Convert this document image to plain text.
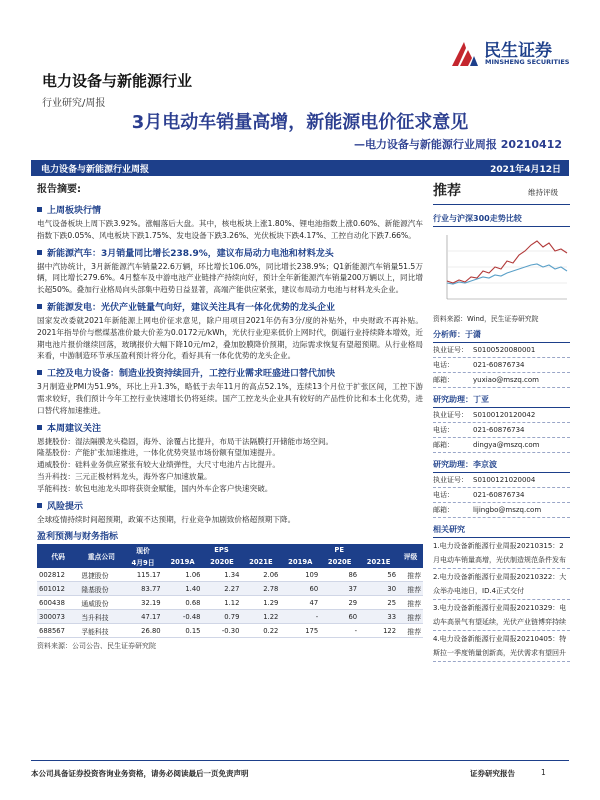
电力设备与新能源行业
行业研究/周报
民生证券
MINSHENG SECURITIES
3月电动车销量高增，新能源电价征求意见
—电力设备与新能源行业周报 20210412
电力设备与新能源行业周报	2021年4月12日
报告摘要:
上周板块行情
电气设备板块上周下跌3.92%。涨幅落后大盘。其中，核电板块上涨1.80%、锂电池指数上涨0.60%、新能源汽车指数下跌0.05%、风电板块下跌1.75%、发电设备下跌3.26%、光伏板块下跌4.17%、工控自动化下跌7.66%。
新能源汽车：3月销量同比增长238.9%，建议布局动力电池和材料龙头
据中汽协统计，3月新能源汽车销量22.6万辆，环比增长106.0%，同比增长238.9%；Q1新能源汽车销量51.5万辆，同比增长279.6%。4月整车及中游电池产业链排产持续向好，预计全年新能源汽车销量200万辆以上，同比增长超50%。叠加行业格局向头部集中趋势日益显著，高端产能供应紧张，建议布局动力电池与材料龙头企业。
新能源发电：光伏产业链量气向好，建议关注具有一体化优势的龙头企业
国家发改委就2021年新能源上网电价征求意见，除户用项目2021年仍有3分/度的补贴外，中央财政不再补贴。2021年指导价与燃煤基准价最大价差为0.0172元/kWh，光伏行业迎来低价上网时代，倒逼行业持续降本增效，近期电池片报价继续回落，玻璃报价大幅下降10元/m2，叠加胶膜降价预期，边际需求恢复有望超预期。从行业格局来看，中游制造环节承压盈利预计将分化，看好具有一体化优势的龙头企业。
工控及电力设备：制造业投资持续回升，工控行业需求旺盛进口替代加快
3月制造业PMI为51.9%，环比上升1.3%，略低于去年11月的高点52.1%，连续13个月位于扩张区间，工控下游需求较好，我们预计今年工控行业快速增长仍将延续。国产工控龙头企业具有较好的产品性价比和本土化优势，进口替代将加速推进。
本周建议关注
恩捷股份：湿法隔膜龙头稳固，海外、涂覆占比提升，布局干法隔膜打开储能市场空间。
隆基股份：产能扩张加速推进，一体化优势突显市场份额有望加速提升。
通威股份：硅料业务供应紧张有较大业绩弹性，大尺寸电池片占比提升。
当升科技：三元正极材料龙头，海外客户加速放量。
孚能科技：软包电池龙头即将获资金赋能，国内外车企客户快速突破。
风险提示
全球疫情持续时间超预期，政策不达预期，行业竞争加剧致价格超预期下降。
盈利预测与财务指标
代码	重点公司	现价	EPS			PE			评级
		4月9日	2019A	2020E	2021E	2019A	2020E	2021E	
002812	恩捷股份	115.17	1.06	1.34	2.06	109	86	56	推荐
601012	隆基股份	83.77	1.40	2.27	2.78	60	37	30	推荐
600438	通威股份	32.19	0.68	1.12	1.29	47	29	25	推荐
300073	当升科技	47.17	-0.48	0.79	1.22	-	60	33	推荐
688567	孚能科技	26.80	0.15	-0.30	0.22	175	-	122	推荐
资料来源：公司公告、民生证券研究院
推荐	维持评级
行业与沪深300走势比较
资料来源：Wind，民生证券研究院
分析师：于潇
执业证号： S0100520080001
电话：	021-60876734
邮箱：	yuxiao@mszq.com
研究助理：丁亚
执业证号： S0100120120042
电话：	021-60876734
邮箱：	dingya@mszq.com
研究助理：李京波
执业证号： S0100121020004
电话：	021-60876734
邮箱：	lijingbo@mszq.com
相关研究
1.电力设备新能源行业周报20210315：2月电动车销量高增，光伏制造规范条件发布
2.电力设备新能源行业周报20210322：大众举办电池日，ID.4正式交付
3.电力设备新能源行业周报20210329：电动车高景气有望延续，光伏产业链博弈持续
4.电力设备新能源行业周报20210405：特斯拉一季度销量创新高，光伏需求有望回升
本公司具备证券投资咨询业务资格，请务必阅读最后一页免责声明	证券研究报告	1
